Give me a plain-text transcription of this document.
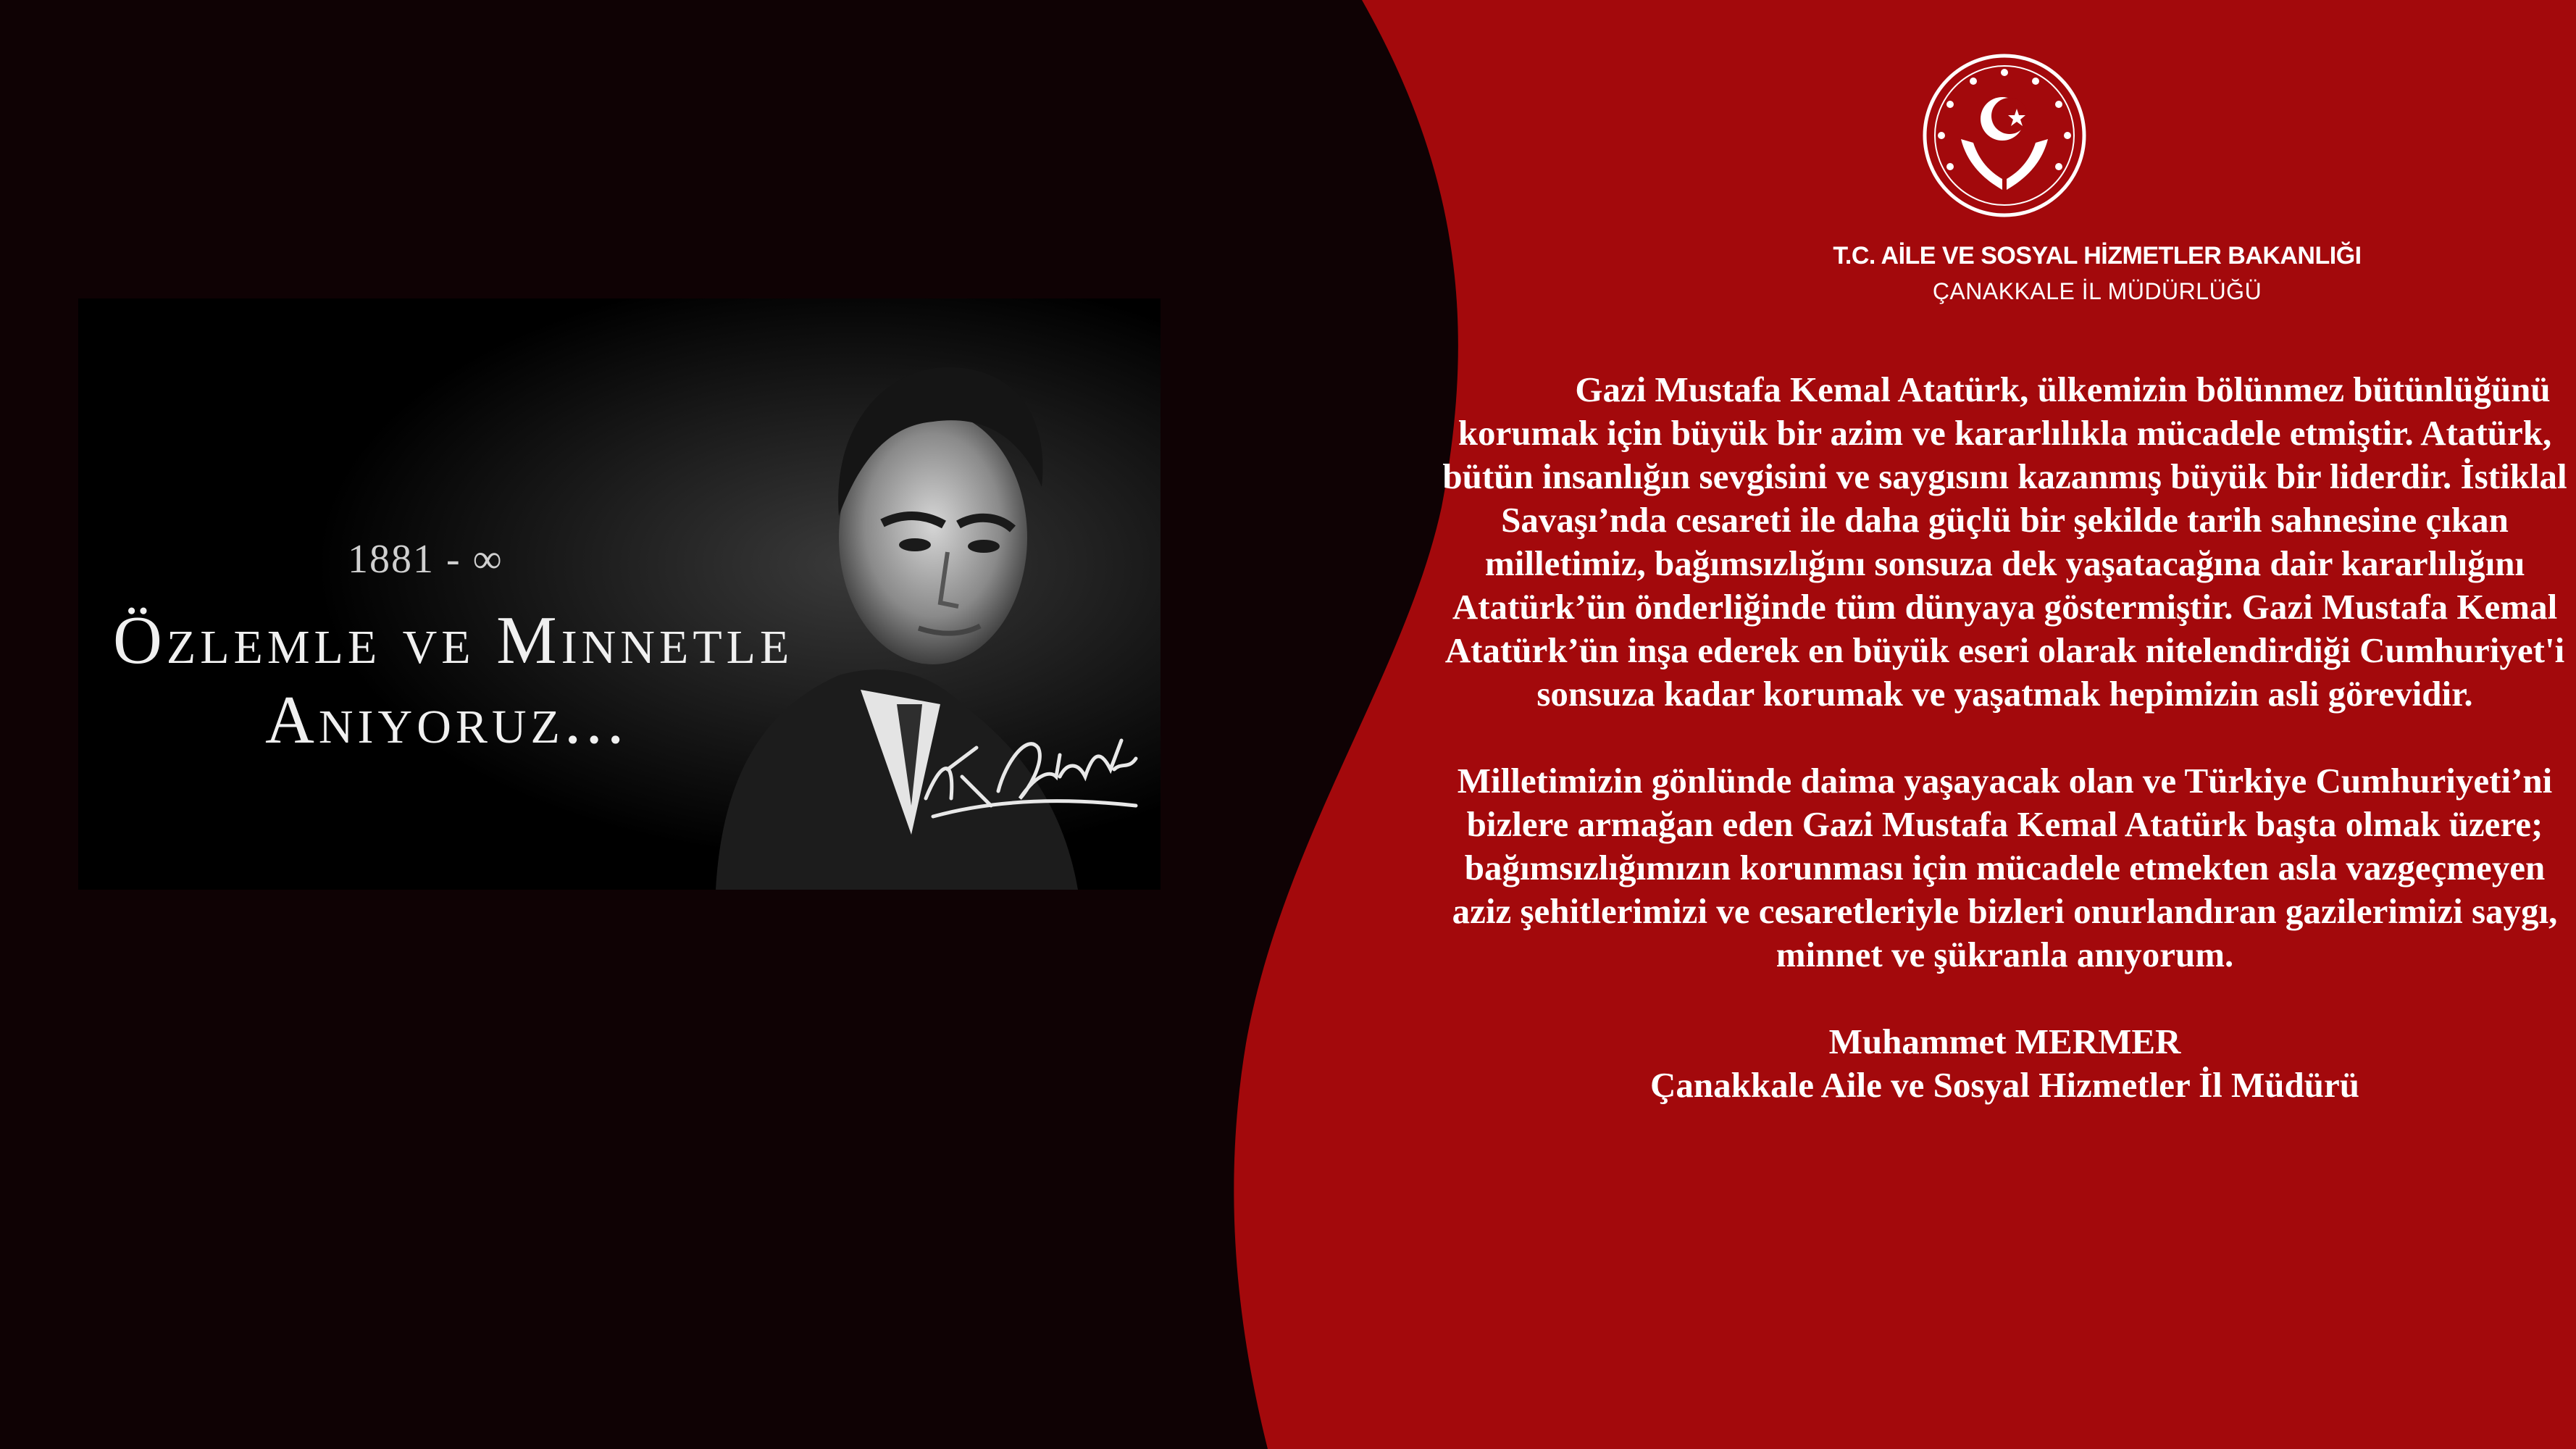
1881 - ∞
Özlemle ve Minnetle
Anıyoruz...
T.C. AİLE VE SOSYAL HİZMETLER BAKANLIĞI
ÇANAKKALE İL MÜDÜRLÜĞÜ

Gazi Mustafa Kemal Atatürk, ülkemizin bölünmez bütünlüğünü korumak için büyük bir azim ve kararlılıkla mücadele etmiştir. Atatürk, bütün insanlığın sevgisini ve saygısını kazanmış büyük bir liderdir. İstiklal Savaşı’nda cesareti ile daha güçlü bir şekilde tarih sahnesine çıkan milletimiz, bağımsızlığını sonsuza dek yaşatacağına dair kararlılığını Atatürk’ün önderliğinde tüm dünyaya göstermiştir. Gazi Mustafa Kemal Atatürk’ün inşa ederek en büyük eseri olarak nitelendirdiği Cumhuriyet'i sonsuza kadar korumak ve yaşatmak hepimizin asli görevidir.

Milletimizin gönlünde daima yaşayacak olan ve Türkiye Cumhuriyeti’ni bizlere armağan eden Gazi Mustafa Kemal Atatürk başta olmak üzere; bağımsızlığımızın korunması için mücadele etmekten asla vazgeçmeyen aziz şehitlerimizi ve cesaretleriyle bizleri onurlandıran gazilerimizi saygı, minnet ve şükranla anıyorum.

Muhammet MERMER

Çanakkale Aile ve Sosyal Hizmetler İl Müdürü
